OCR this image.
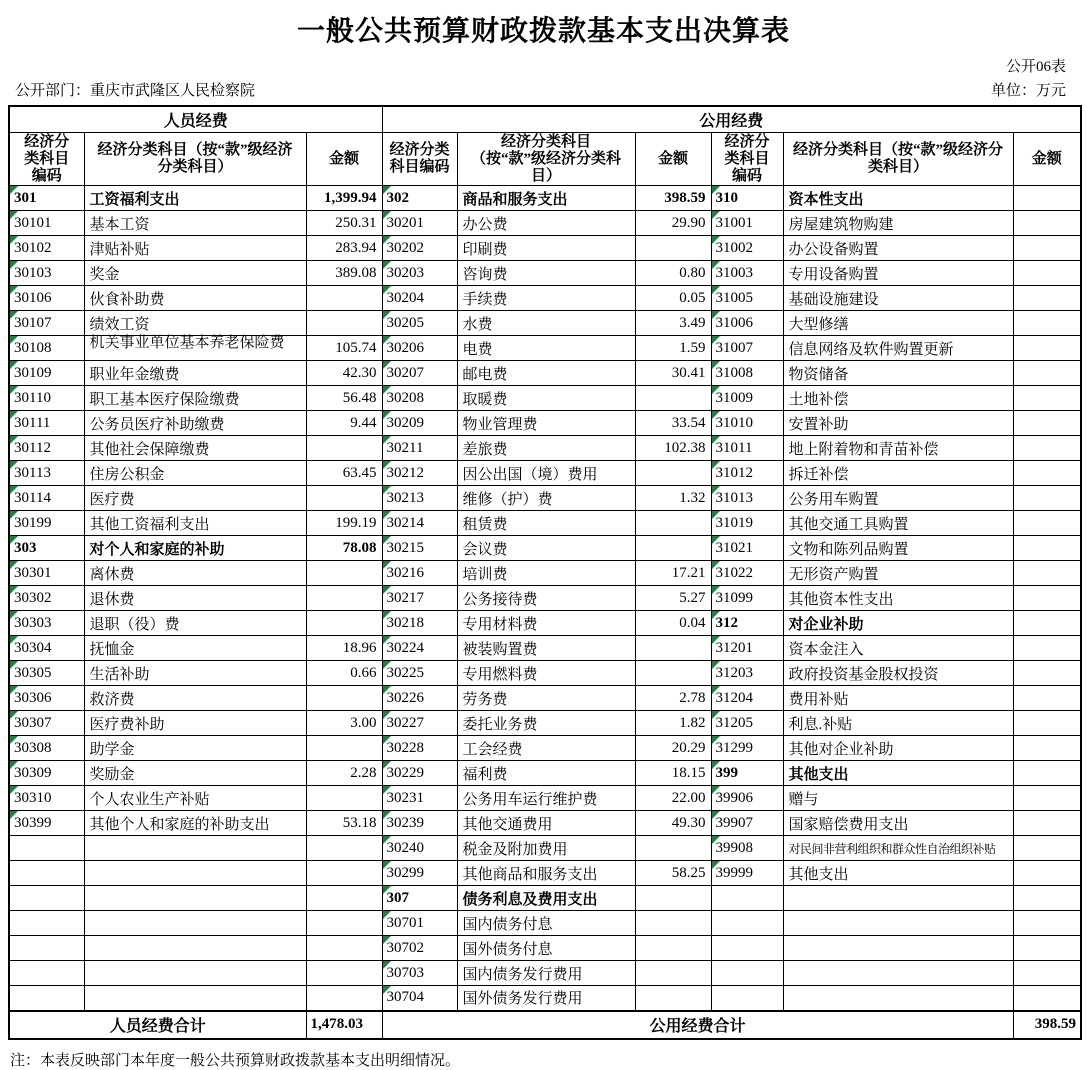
一般公共预算财政拨款基本支出决算表
公开06表
公开部门：重庆市武隆区人民检察院	单位：万元
人员经费			公用经费					
经济分类科目编码	经济分类科目（按“款”级经济分类科目）	金额	经济分类科目编码	经济分类科目（按“款”级经济分类科目）	金额	经济分类科目编码	经济分类科目（按“款”级经济分类科目）	金额
301	工资福利支出	1,399.94	302	商品和服务支出	398.59	310	资本性支出	
30101	基本工资	250.31	30201	办公费	29.90	31001	房屋建筑物购建	
30102	津贴补贴	283.94	30202	印刷费		31002	办公设备购置	
30103	奖金	389.08	30203	咨询费	0.80	31003	专用设备购置	
30106	伙食补助费		30204	手续费	0.05	31005	基础设施建设	
30107	绩效工资		30205	水费	3.49	31006	大型修缮	
30108	机关事业单位基本养老保险费	105.74	30206	电费	1.59	31007	信息网络及软件购置更新	
30109	职业年金缴费	42.30	30207	邮电费	30.41	31008	物资储备	
30110	职工基本医疗保险缴费	56.48	30208	取暖费		31009	土地补偿	
30111	公务员医疗补助缴费	9.44	30209	物业管理费	33.54	31010	安置补助	
30112	其他社会保障缴费		30211	差旅费	102.38	31011	地上附着物和青苗补偿	
30113	住房公积金	63.45	30212	因公出国（境）费用		31012	拆迁补偿	
30114	医疗费		30213	维修（护）费	1.32	31013	公务用车购置	
30199	其他工资福利支出	199.19	30214	租赁费		31019	其他交通工具购置	
303	对个人和家庭的补助	78.08	30215	会议费		31021	文物和陈列品购置	
30301	离休费		30216	培训费	17.21	31022	无形资产购置	
30302	退休费		30217	公务接待费	5.27	31099	其他资本性支出	
30303	退职（役）费		30218	专用材料费	0.04	312	对企业补助	
30304	抚恤金	18.96	30224	被装购置费		31201	资本金注入	
30305	生活补助	0.66	30225	专用燃料费		31203	政府投资基金股权投资	
30306	救济费		30226	劳务费	2.78	31204	费用补贴	
30307	医疗费补助	3.00	30227	委托业务费	1.82	31205	利息.补贴	
30308	助学金		30228	工会经费	20.29	31299	其他对企业补助	
30309	奖励金	2.28	30229	福利费	18.15	399	其他支出	
30310	个人农业生产补贴		30231	公务用车运行维护费	22.00	39906	赠与	
30399	其他个人和家庭的补助支出	53.18	30239	其他交通费用	49.30	39907	国家赔偿费用支出	
			30240	税金及附加费用		39908	对民间非营利组织和群众性自治组织补贴	
			30299	其他商品和服务支出	58.25	39999	其他支出	
			307	债务利息及费用支出				
			30701	国内债务付息				
			30702	国外债务付息				
			30703	国内债务发行费用				
			30704	国外债务发行费用				
人员经费合计		1,478.03	公用经费合计					398.59
注：本表反映部门本年度一般公共预算财政拨款基本支出明细情况。
